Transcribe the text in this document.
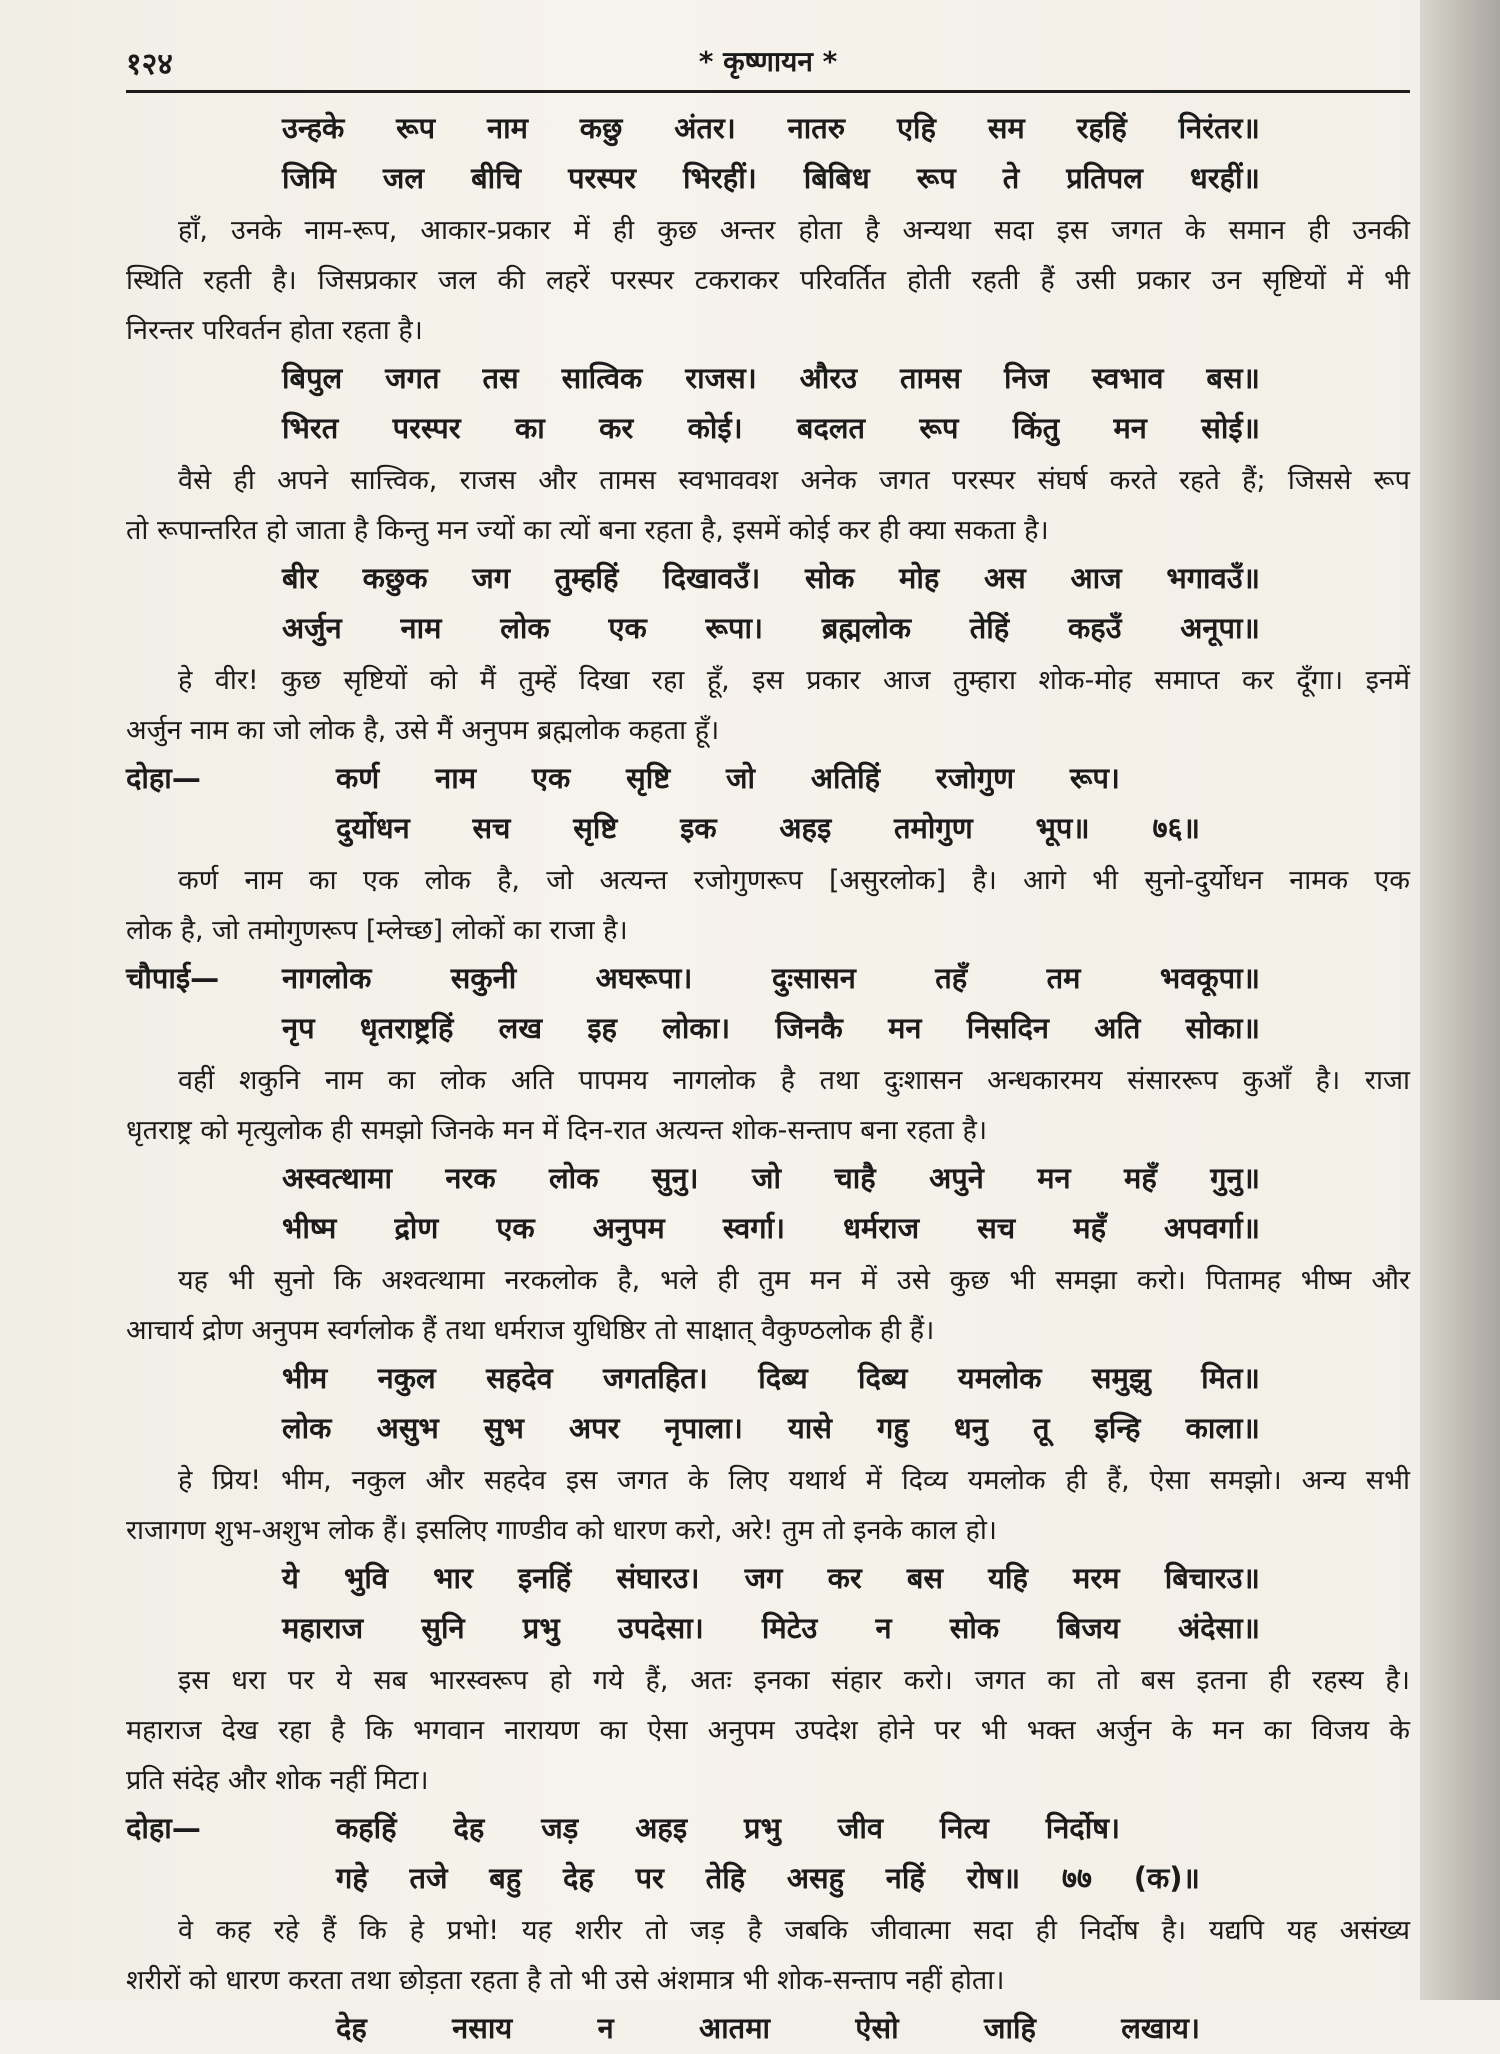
१२४	* कृष्णायन *
उन्हके रूप नाम कछु अंतर। नातरु एहि सम रहहिं निरंतर॥
जिमि जल बीचि परस्पर भिरहीं। बिबिध रूप ते प्रतिपल धरहीं॥
हाँ, उनके नाम-रूप, आकार-प्रकार में ही कुछ अन्तर होता है अन्यथा सदा इस जगत के समान ही उनकी
स्थिति रहती है। जिसप्रकार जल की लहरें परस्पर टकराकर परिवर्तित होती रहती हैं उसी प्रकार उन सृष्टियों में भी
निरन्तर परिवर्तन होता रहता है।
बिपुल जगत तस सात्विक राजस। औरउ तामस निज स्वभाव बस॥
भिरत परस्पर का कर कोई। बदलत रूप किंतु मन सोई॥
वैसे ही अपने सात्त्विक, राजस और तामस स्वभाववश अनेक जगत परस्पर संघर्ष करते रहते हैं; जिससे रूप
तो रूपान्तरित हो जाता है किन्तु मन ज्यों का त्यों बना रहता है, इसमें कोई कर ही क्या सकता है।
बीर कछुक जग तुम्हहिं दिखावउँ। सोक मोह अस आज भगावउँ॥
अर्जुन नाम लोक एक रूपा। ब्रह्मलोक तेहिं कहउँ अनूपा॥
हे वीर! कुछ सृष्टियों को मैं तुम्हें दिखा रहा हूँ, इस प्रकार आज तुम्हारा शोक-मोह समाप्त कर दूँगा। इनमें
अर्जुन नाम का जो लोक है, उसे मैं अनुपम ब्रह्मलोक कहता हूँ।
दोहा—	कर्ण नाम एक सृष्टि जो अतिहिं रजोगुण रूप।
दुर्योधन सच सृष्टि इक अहइ तमोगुण भूप॥ ७६॥
कर्ण नाम का एक लोक है, जो अत्यन्त रजोगुणरूप [असुरलोक] है। आगे भी सुनो-दुर्योधन नामक एक
लोक है, जो तमोगुणरूप [म्लेच्छ] लोकों का राजा है।
चौपाई— नागलोक	सकुनी	अघरूपा।	दुःसासन	तहँ	तम	भवकूपा॥
नृप धृतराष्ट्रहिं लख इह लोका। जिनकै मन निसदिन अति सोका॥
वहीं शकुनि नाम का लोक अति पापमय नागलोक है तथा दुःशासन अन्धकारमय संसाररूप कुआँ है। राजा
धृतराष्ट्र को मृत्युलोक ही समझो जिनके मन में दिन-रात अत्यन्त शोक-सन्ताप बना रहता है।
अस्वत्थामा नरक लोक सुनु। जो चाहै अपुने मन महँ गुनु॥
भीष्म द्रोण एक अनुपम स्वर्गा। धर्मराज सच महँ अपवर्गा॥
यह भी सुनो कि अश्वत्थामा नरकलोक है, भले ही तुम मन में उसे कुछ भी समझा करो। पितामह भीष्म और
आचार्य द्रोण अनुपम स्वर्गलोक हैं तथा धर्मराज युधिष्ठिर तो साक्षात् वैकुण्ठलोक ही हैं।
भीम नकुल सहदेव जगतहित। दिब्य दिब्य यमलोक समुझु मित॥
लोक असुभ सुभ अपर नृपाला। यासे गहु धनु तू इन्हि काला॥
हे प्रिय! भीम, नकुल और सहदेव इस जगत के लिए यथार्थ में दिव्य यमलोक ही हैं, ऐसा समझो। अन्य सभी
राजागण शुभ-अशुभ लोक हैं। इसलिए गाण्डीव को धारण करो, अरे! तुम तो इनके काल हो।
ये भुवि भार इनहिं संघारउ। जग कर बस यहि मरम बिचारउ॥
महाराज सुनि प्रभु उपदेसा। मिटेउ न सोक बिजय अंदेसा॥
इस धरा पर ये सब भारस्वरूप हो गये हैं, अतः इनका संहार करो। जगत का तो बस इतना ही रहस्य है।
महाराज देख रहा है कि भगवान नारायण का ऐसा अनुपम उपदेश होने पर भी भक्त अर्जुन के मन का विजय के
प्रति संदेह और शोक नहीं मिटा।
दोहा—	कहहिं देह जड़ अहइ प्रभु जीव नित्य निर्दोष।
गहे तजे बहु देह पर तेहि असहु नहिं रोष॥ ७७ (क)॥
वे कह रहे हैं कि हे प्रभो! यह शरीर तो जड़ है जबकि जीवात्मा सदा ही निर्दोष है। यद्यपि यह असंख्य
शरीरों को धारण करता तथा छोड़ता रहता है तो भी उसे अंशमात्र भी शोक-सन्ताप नहीं होता।
देह	नसाय	न	आतमा	ऐसो	जाहि	लखाय।
